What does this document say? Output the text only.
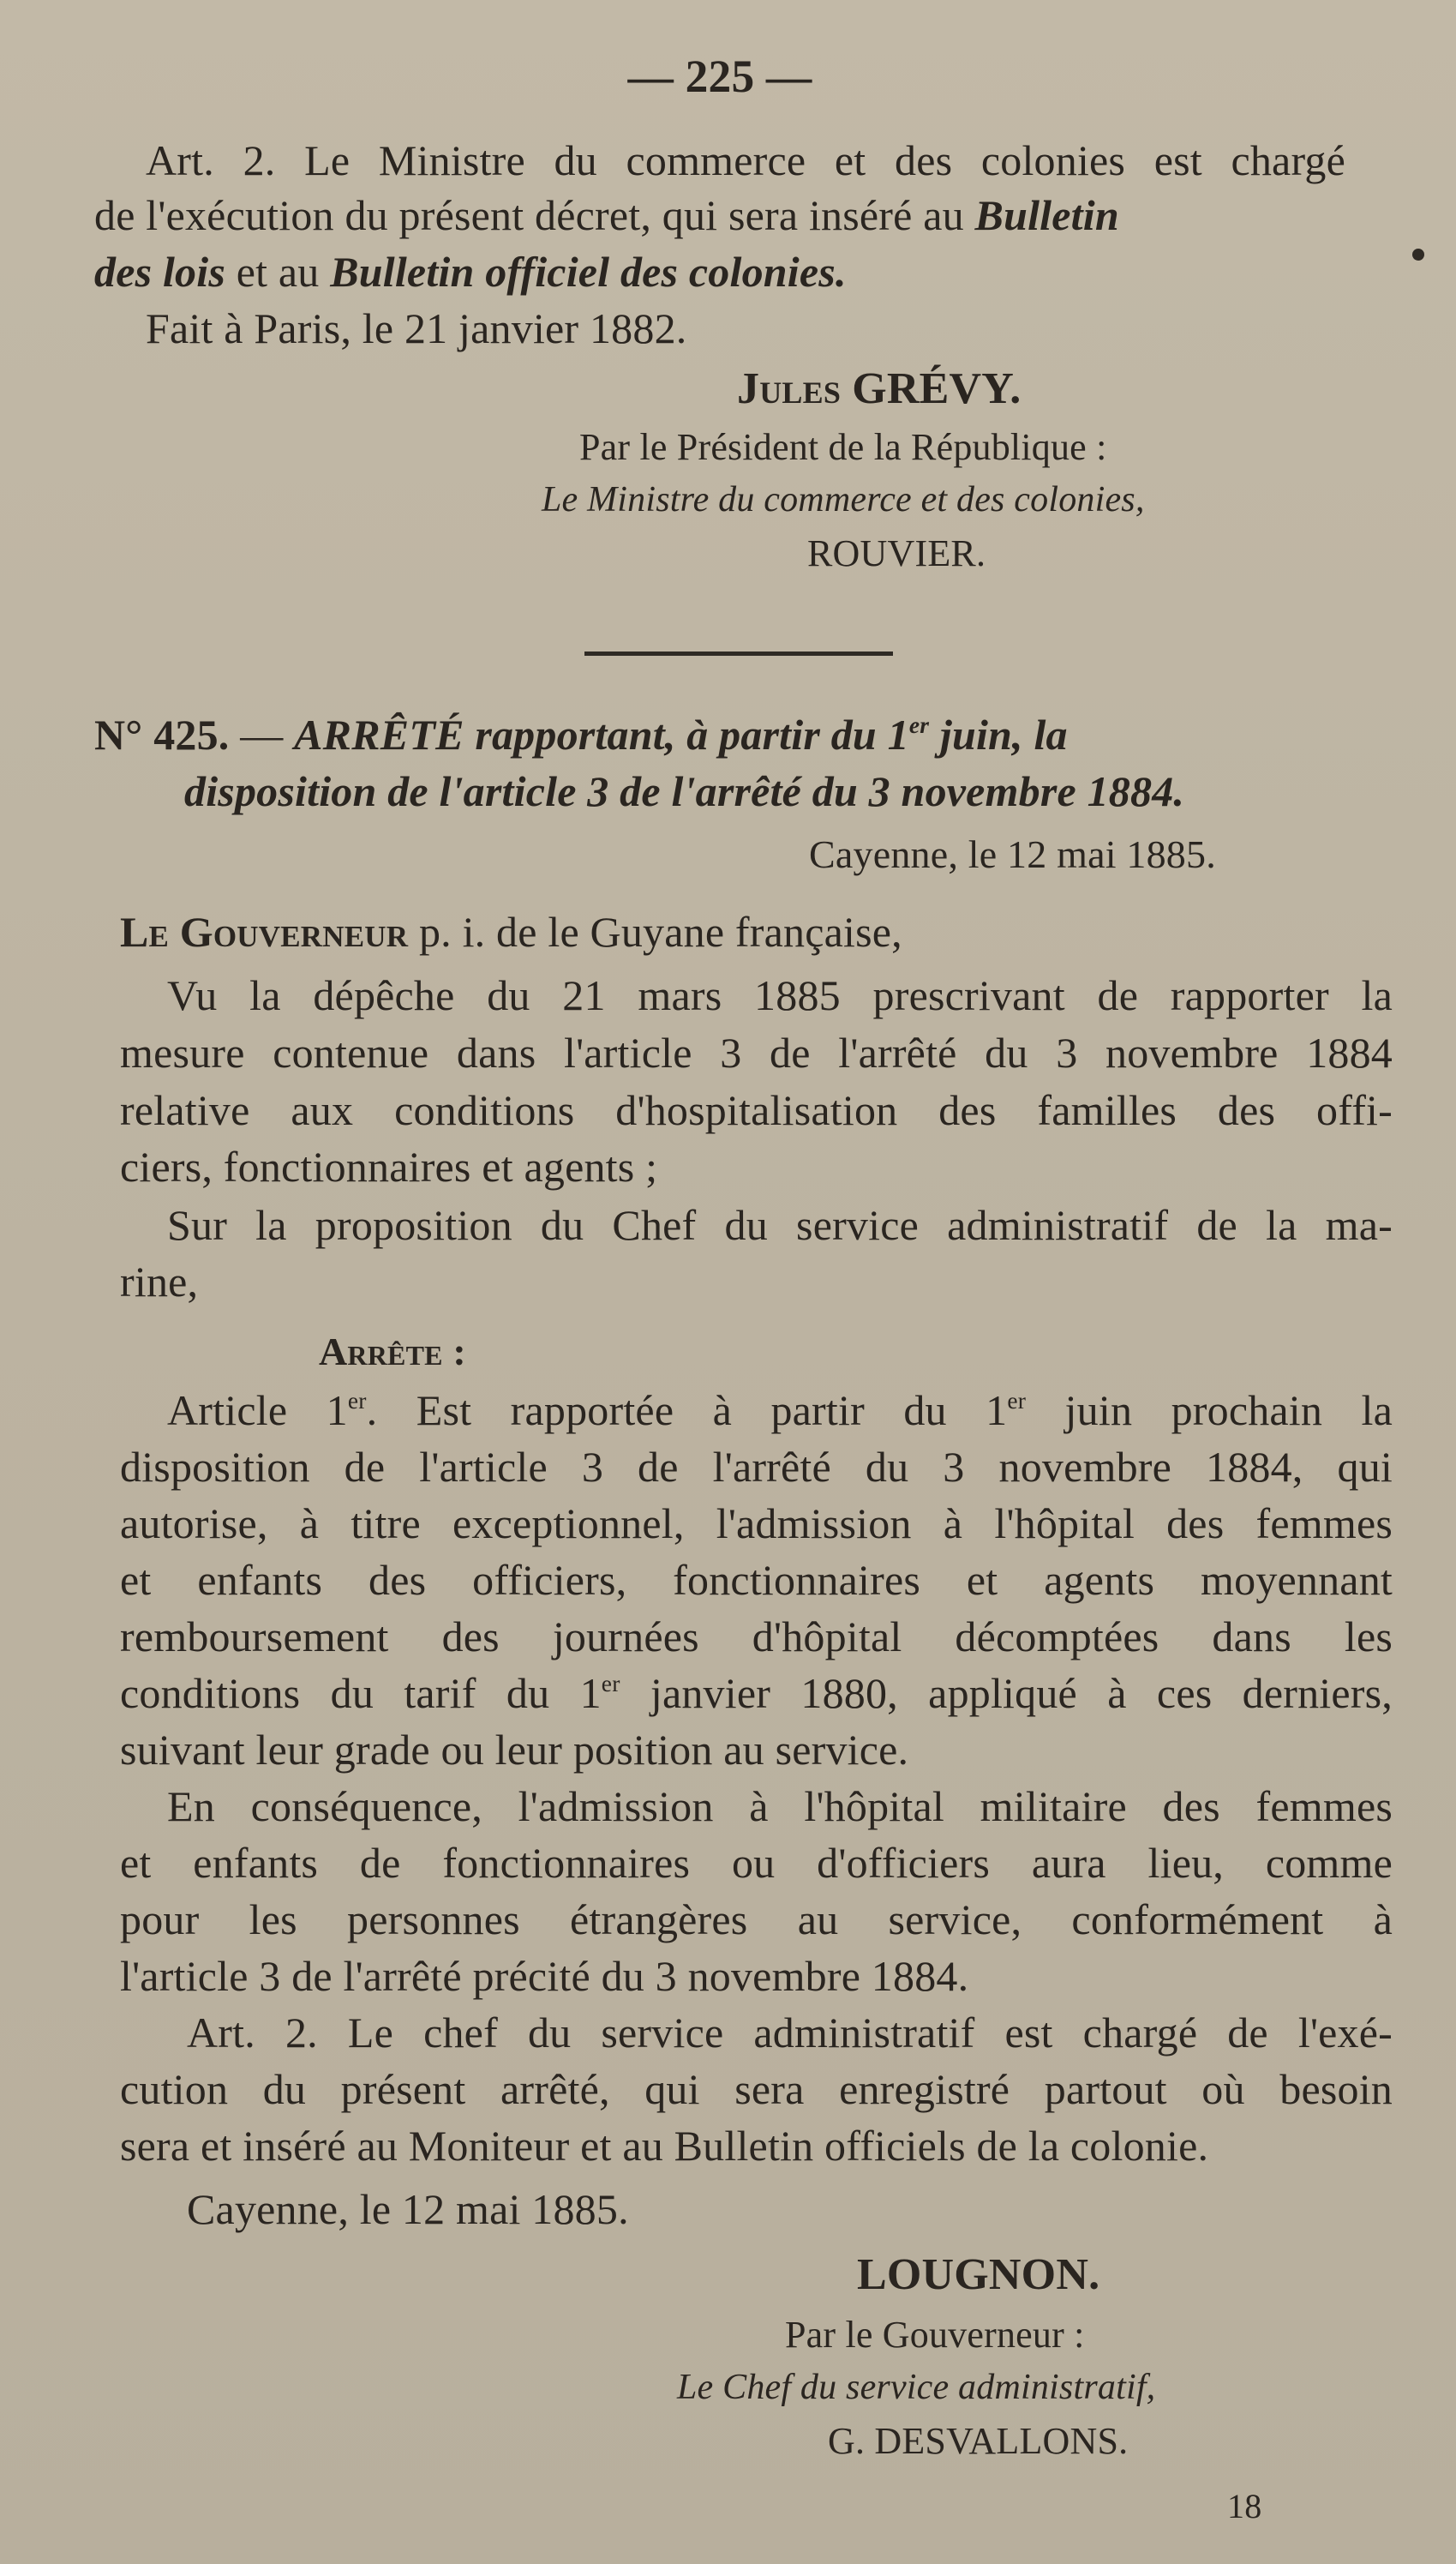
— 225 —
Art. 2. Le Ministre du commerce et des colonies est chargé
de l'exécution du présent décret, qui sera inséré au Bulletin
des lois et au Bulletin officiel des colonies.
Fait à Paris, le 21 janvier 1882.
Jules GRÉVY.
Par le Président de la République :
Le Ministre du commerce et des colonies,
ROUVIER.
N° 425. — ARRÊTÉ rapportant, à partir du 1er juin, la
disposition de l'article 3 de l'arrêté du 3 novembre 1884.
Cayenne, le 12 mai 1885.
Le Gouverneur p. i. de le Guyane française,
Vu la dépêche du 21 mars 1885 prescrivant de rapporter la
mesure contenue dans l'article 3 de l'arrêté du 3 novembre 1884
relative aux conditions d'hospitalisation des familles des offi-
ciers, fonctionnaires et agents ;
Sur la proposition du Chef du service administratif de la ma-
rine,
Arrête :
Article 1er. Est rapportée à partir du 1er juin prochain la
disposition de l'article 3 de l'arrêté du 3 novembre 1884, qui
autorise, à titre exceptionnel, l'admission à l'hôpital des femmes
et enfants des officiers, fonctionnaires et agents moyennant
remboursement des journées d'hôpital décomptées dans les
conditions du tarif du 1er janvier 1880, appliqué à ces derniers,
suivant leur grade ou leur position au service.
En conséquence, l'admission à l'hôpital militaire des femmes
et enfants de fonctionnaires ou d'officiers aura lieu, comme
pour les personnes étrangères au service, conformément à
l'article 3 de l'arrêté précité du 3 novembre 1884.
Art. 2. Le chef du service administratif est chargé de l'exé-
cution du présent arrêté, qui sera enregistré partout où besoin
sera et inséré au Moniteur et au Bulletin officiels de la colonie.
Cayenne, le 12 mai 1885.
LOUGNON.
Par le Gouverneur :
Le Chef du service administratif,
G. DESVALLONS.
18
